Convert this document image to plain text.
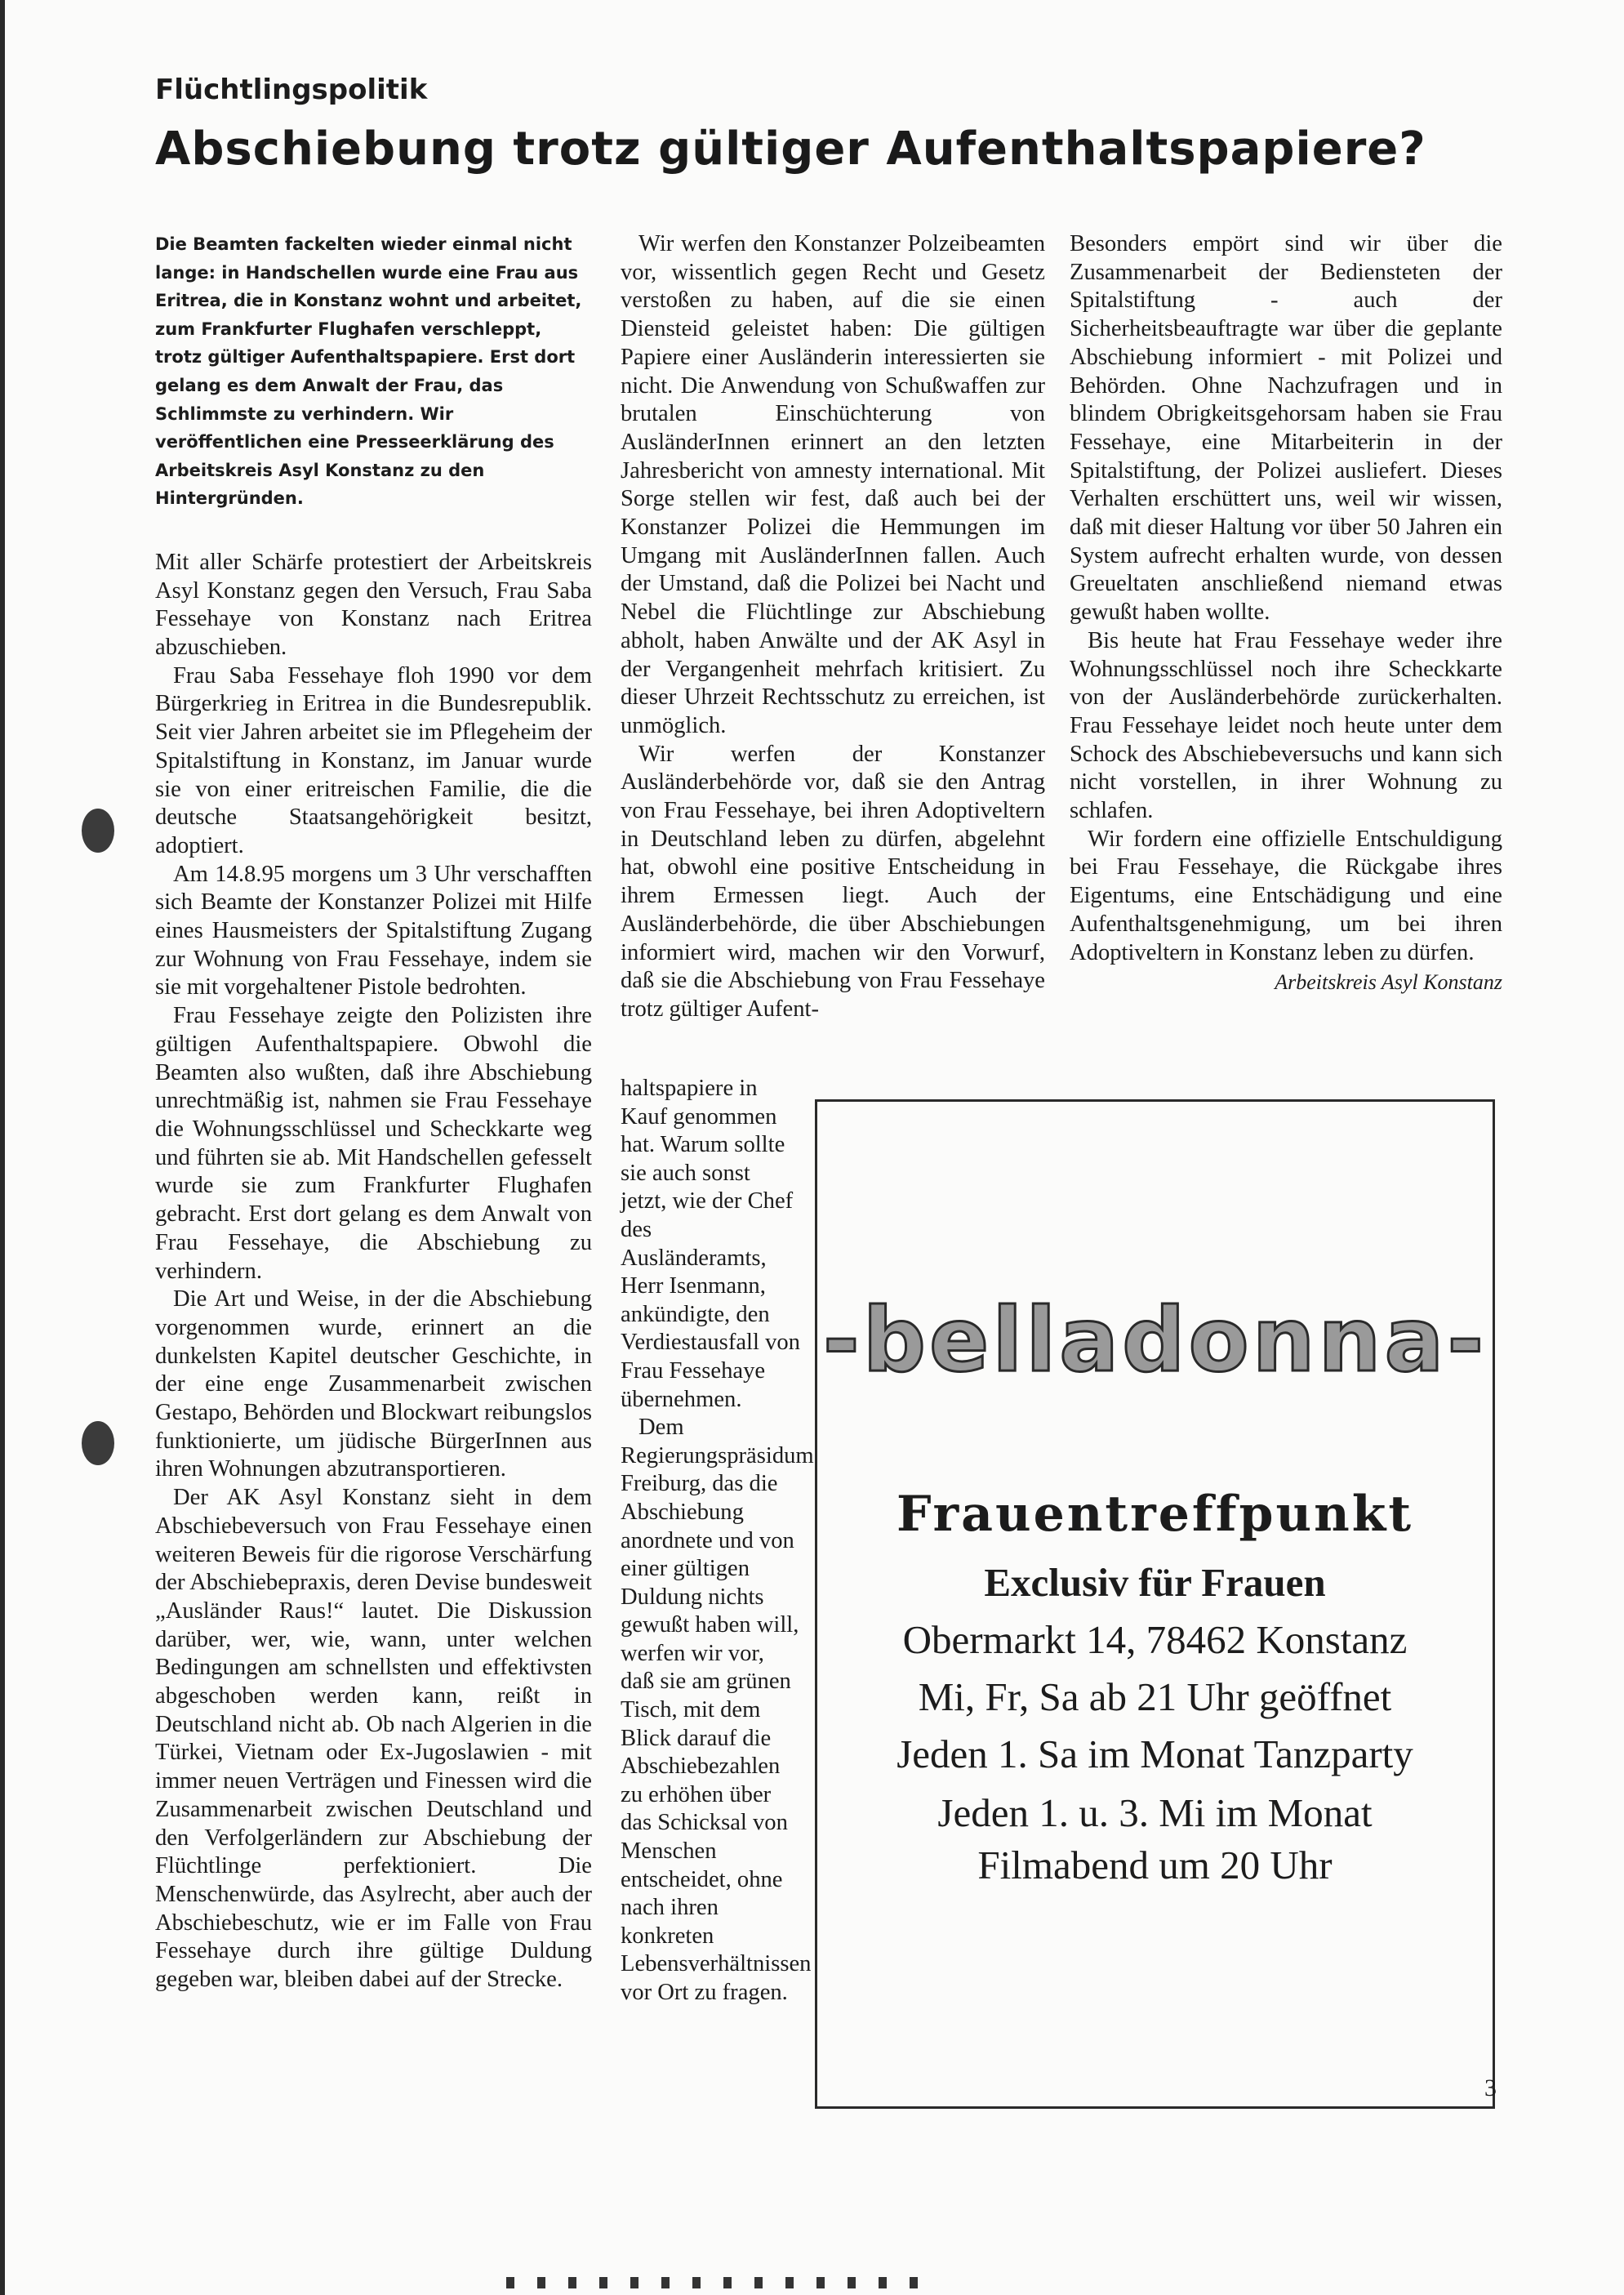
Flüchtlingspolitik
Abschiebung trotz gültiger Aufenthaltspapiere?

Die Beamten fackelten wieder einmal nicht lange: in Handschellen wurde eine Frau aus Eritrea, die in Konstanz wohnt und arbeitet, zum Frankfurter Flughafen verschleppt, trotz gültiger Aufenthaltspapiere. Erst dort gelang es dem Anwalt der Frau, das Schlimmste zu verhindern. Wir veröffentlichen eine Presseerklärung des Arbeitskreis Asyl Konstanz zu den Hintergründen.

Mit aller Schärfe protestiert der Arbeitskreis Asyl Konstanz gegen den Versuch, Frau Saba Fessehaye von Konstanz nach Eritrea abzuschieben.

Frau Saba Fessehaye floh 1990 vor dem Bürgerkrieg in Eritrea in die Bundesrepublik. Seit vier Jahren arbeitet sie im Pflegeheim der Spitalstiftung in Konstanz, im Januar wurde sie von einer eritreischen Familie, die die deutsche Staatsangehörigkeit besitzt, adoptiert.

Am 14.8.95 morgens um 3 Uhr verschafften sich Beamte der Konstanzer Polizei mit Hilfe eines Hausmeisters der Spitalstiftung Zugang zur Wohnung von Frau Fessehaye, indem sie sie mit vorgehaltener Pistole bedrohten.

Frau Fessehaye zeigte den Polizisten ihre gültigen Aufenthaltspapiere. Obwohl die Beamten also wußten, daß ihre Abschiebung unrechtmäßig ist, nahmen sie Frau Fessehaye die Wohnungsschlüssel und Scheckkarte weg und führten sie ab. Mit Handschellen gefesselt wurde sie zum Frankfurter Flughafen gebracht. Erst dort gelang es dem Anwalt von Frau Fessehaye, die Abschiebung zu verhindern.

Die Art und Weise, in der die Abschiebung vorgenommen wurde, erinnert an die dunkelsten Kapitel deutscher Geschichte, in der eine enge Zusammenarbeit zwischen Gestapo, Behörden und Blockwart reibungslos funktionierte, um jüdische BürgerInnen aus ihren Wohnungen abzutransportieren.

Der AK Asyl Konstanz sieht in dem Abschiebeversuch von Frau Fessehaye einen weiteren Beweis für die rigorose Verschärfung der Abschiebepraxis, deren Devise bundesweit „Ausländer Raus!“ lautet. Die Diskussion darüber, wer, wie, wann, unter welchen Bedingungen am schnellsten und effektivsten abgeschoben werden kann, reißt in Deutschland nicht ab. Ob nach Algerien in die Türkei, Vietnam oder Ex-Jugoslawien - mit immer neuen Verträgen und Finessen wird die Zusammenarbeit zwischen Deutschland und den Verfolgerländern zur Abschiebung der Flüchtlinge perfektioniert. Die Menschenwürde, das Asylrecht, aber auch der Abschiebeschutz, wie er im Falle von Frau Fessehaye durch ihre gültige Duldung gegeben war, bleiben dabei auf der Strecke.

Wir werfen den Konstanzer Polzeibeamten vor, wissentlich gegen Recht und Gesetz verstoßen zu haben, auf die sie einen Diensteid geleistet haben: Die gültigen Papiere einer Ausländerin interessierten sie nicht. Die Anwendung von Schußwaffen zur brutalen Einschüchterung von AusländerInnen erinnert an den letzten Jahresbericht von amnesty international. Mit Sorge stellen wir fest, daß auch bei der Konstanzer Polizei die Hemmungen im Umgang mit AusländerInnen fallen. Auch der Umstand, daß die Polizei bei Nacht und Nebel die Flüchtlinge zur Abschiebung abholt, haben Anwälte und der AK Asyl in der Vergangenheit mehrfach kritisiert. Zu dieser Uhrzeit Rechtsschutz zu erreichen, ist unmöglich.

Wir werfen der Konstanzer Ausländerbehörde vor, daß sie den Antrag von Frau Fessehaye, bei ihren Adoptiveltern in Deutschland leben zu dürfen, abgelehnt hat, obwohl eine positive Entscheidung in ihrem Ermessen liegt. Auch der Ausländerbehörde, die über Abschiebungen informiert wird, machen wir den Vorwurf, daß sie die Abschiebung von Frau Fessehaye trotz gültiger Aufent-

haltspapiere in Kauf genommen hat. Warum sollte sie auch sonst jetzt, wie der Chef des Ausländeramts, Herr Isenmann, ankündigte, den Verdiestausfall von Frau Fessehaye übernehmen.

Dem Regierungspräsidum Freiburg, das die Abschiebung anordnete und von einer gültigen Duldung nichts gewußt haben will, werfen wir vor, daß sie am grünen Tisch, mit dem Blick darauf die Abschiebezahlen zu erhöhen über das Schicksal von Menschen entscheidet, ohne nach ihren konkreten Lebensverhältnissen vor Ort zu fragen.

Besonders empört sind wir über die Zusammenarbeit der Bediensteten der Spitalstiftung - auch der Sicherheitsbeauftragte war über die geplante Abschiebung informiert - mit Polizei und Behörden. Ohne Nachzufragen und in blindem Obrigkeitsgehorsam haben sie Frau Fessehaye, eine Mitarbeiterin in der Spitalstiftung, der Polizei ausliefert. Dieses Verhalten erschüttert uns, weil wir wissen, daß mit dieser Haltung vor über 50 Jahren ein System aufrecht erhalten wurde, von dessen Greueltaten anschließend niemand etwas gewußt haben wollte.

Bis heute hat Frau Fessehaye weder ihre Wohnungsschlüssel noch ihre Scheckkarte von der Ausländerbehörde zurückerhalten. Frau Fessehaye leidet noch heute unter dem Schock des Abschiebeversuchs und kann sich nicht vorstellen, in ihrer Wohnung zu schlafen.

Wir fordern eine offizielle Entschuldigung bei Frau Fessehaye, die Rückgabe ihres Eigentums, eine Entschädigung und eine Aufenthaltsgenehmigung, um bei ihren Adoptiveltern in Konstanz leben zu dürfen.

Arbeitskreis Asyl Konstanz

-belladonna-
Frauentreffpunkt
Exclusiv für Frauen
Obermarkt 14, 78462 Konstanz
Mi, Fr, Sa ab 21 Uhr geöffnet
Jeden 1. Sa im Monat Tanzparty
Jeden 1. u. 3. Mi im Monat
Filmabend um 20 Uhr
3
